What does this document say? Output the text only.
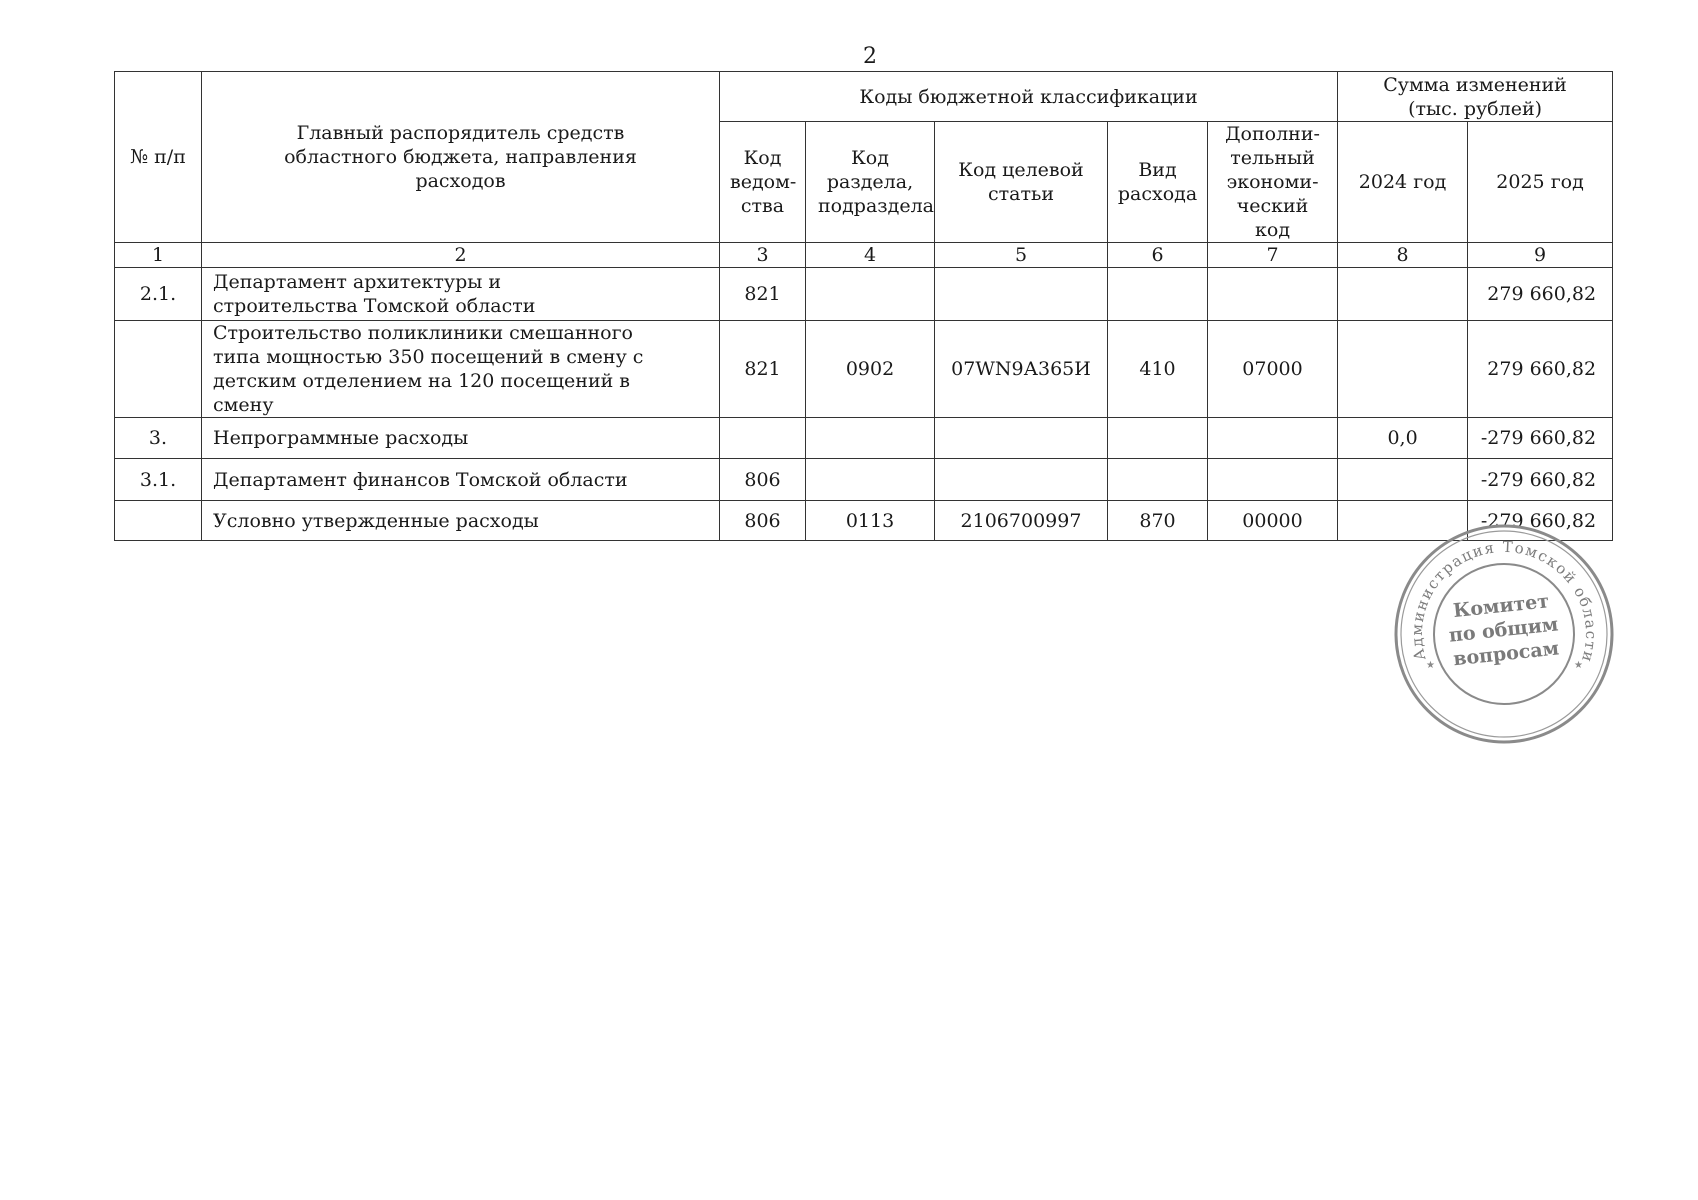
2
№ п/п	Главный распорядитель средств областного бюджета, направления расходов	Коды бюджетной классификации					Сумма изменений (тыс. рублей)	
		Код ведом-ства	Код раздела, подраздела	Код целевой статьи	Вид расхода	Дополни-тельный экономи-ческий код	2024 год	2025 год
1	2	3	4	5	6	7	8	9
2.1.	Департамент архитектуры и строительства Томской области	821						279 660,82
	Строительство поликлиники смешанного типа мощностью 350 посещений в смену с детским отделением на 120 посещений в смену	821	0902	07WN9А365И	410	07000		279 660,82
3.	Непрограммные расходы						0,0	-279 660,82
3.1.	Департамент финансов Томской области	806						-279 660,82
	Условно утвержденные расходы	806	0113	2106700997	870	00000		-279 660,82
Администрация Томской области
★	★
Комитет
по общим
вопросам
